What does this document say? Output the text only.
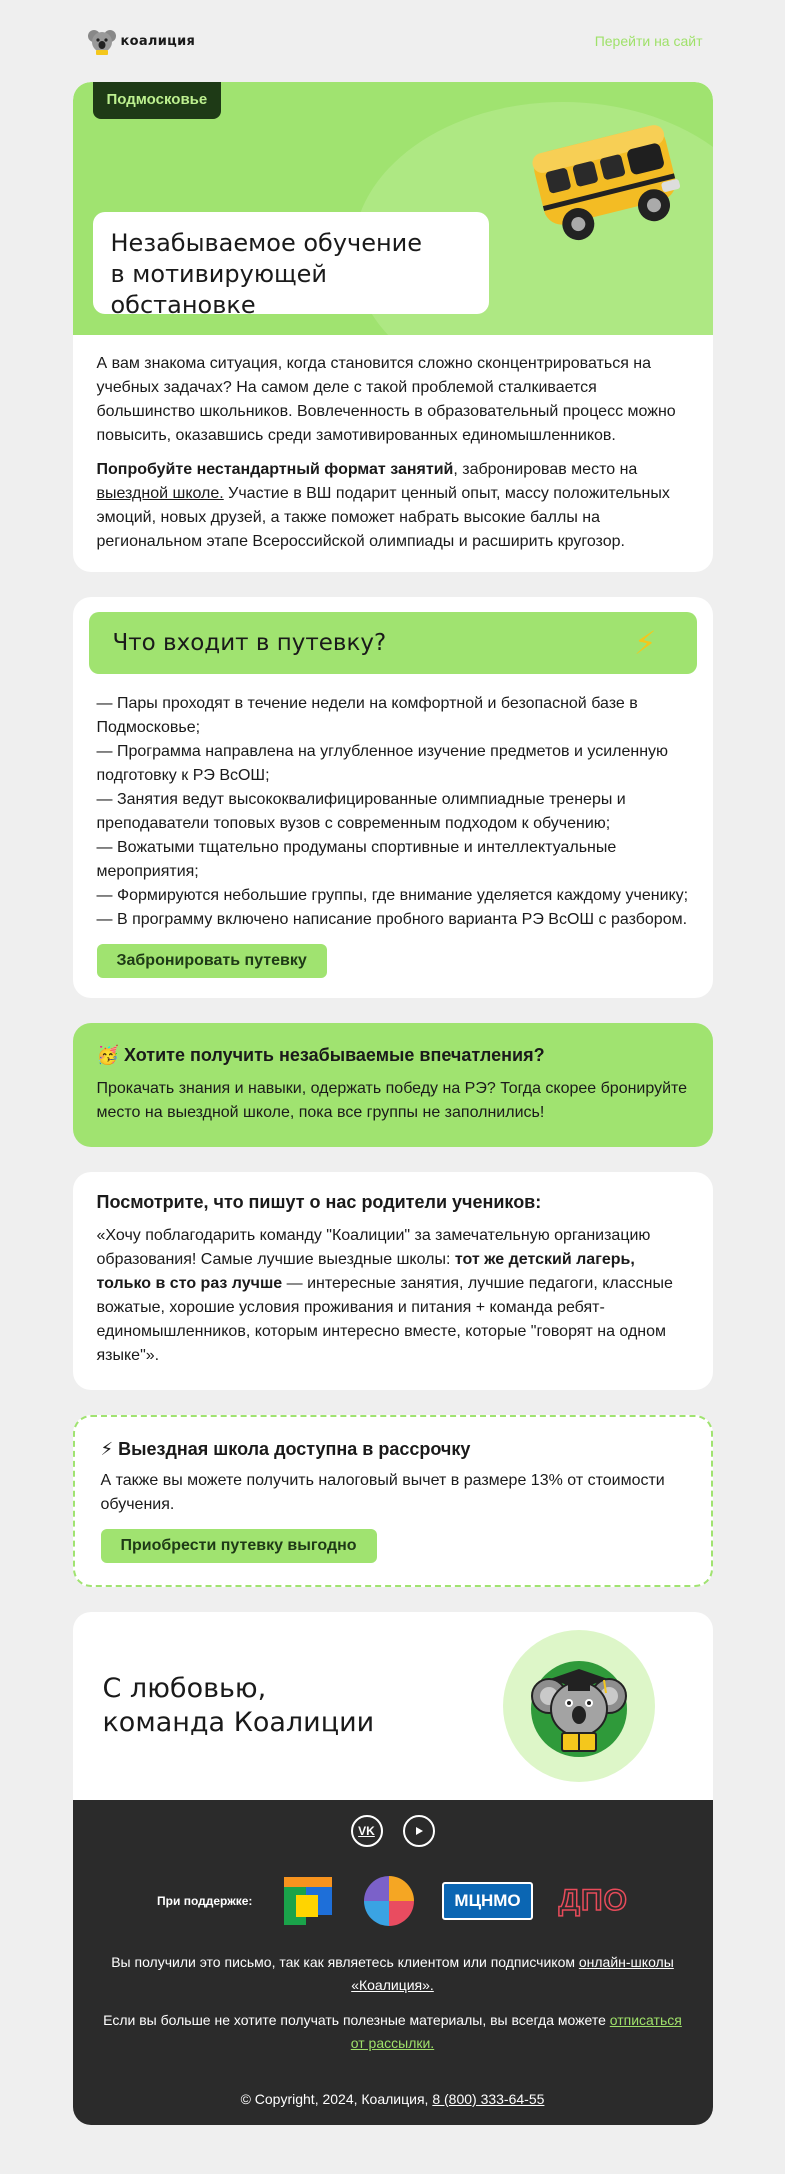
коалиция	Перейти на сайт
Подмосковье
Незабываемое обучение
в мотивирующей обстановке

А вам знакома ситуация, когда становится сложно сконцентрироваться на учебных задачах? На самом деле с такой проблемой сталкивается большинство школьников. Вовлеченность в образовательный процесс можно повысить, оказавшись среди замотивированных единомышленников.

Попробуйте нестандартный формат занятий, забронировав место на выездной школе. Участие в ВШ подарит ценный опыт, массу положительных эмоций, новых друзей, а также поможет набрать высокие баллы на региональном этапе Всероссийской олимпиады и расширить кругозор.

Что входит в путевку?	⚡
— Пары проходят в течение недели на комфортной и безопасной базе в Подмосковье;
— Программа направлена на углубленное изучение предметов и усиленную подготовку к РЭ ВсОШ;
— Занятия ведут высококвалифицированные олимпиадные тренеры и преподаватели топовых вузов с современным подходом к обучению;
— Вожатыми тщательно продуманы спортивные и интеллектуальные мероприятия;
— Формируются небольшие группы, где внимание уделяется каждому ученику;
— В программу включено написание пробного варианта РЭ ВсОШ с разбором.
Забронировать путевку
🥳 Хотите получить незабываемые впечатления?

Прокачать знания и навыки, одержать победу на РЭ? Тогда скорее бронируйте место на выездной школе, пока все группы не заполнились!

Посмотрите, что пишут о нас родители учеников:

«Хочу поблагодарить команду "Коалиции" за замечательную организацию образования! Самые лучшие выездные школы: тот же детский лагерь, только в сто раз лучше — интересные занятия, лучшие педагоги, классные вожатые, хорошие условия проживания и питания + команда ребят-единомышленников, которым интересно вместе, которые "говорят на одном языке"».

⚡ Выездная школа доступна в рассрочку

А также вы можете получить налоговый вычет в размере 13% от стоимости обучения.

Приобрести путевку выгодно
С любовью,
команда Коалиции
VK
При поддержке:	МЦНМО	ДПО

Вы получили это письмо, так как являетесь клиентом или подписчиком онлайн-школы «Коалиция».

Если вы больше не хотите получать полезные материалы, вы всегда можете отписаться от рассылки.

© Copyright, 2024, Коалиция, 8 (800) 333-64-55
